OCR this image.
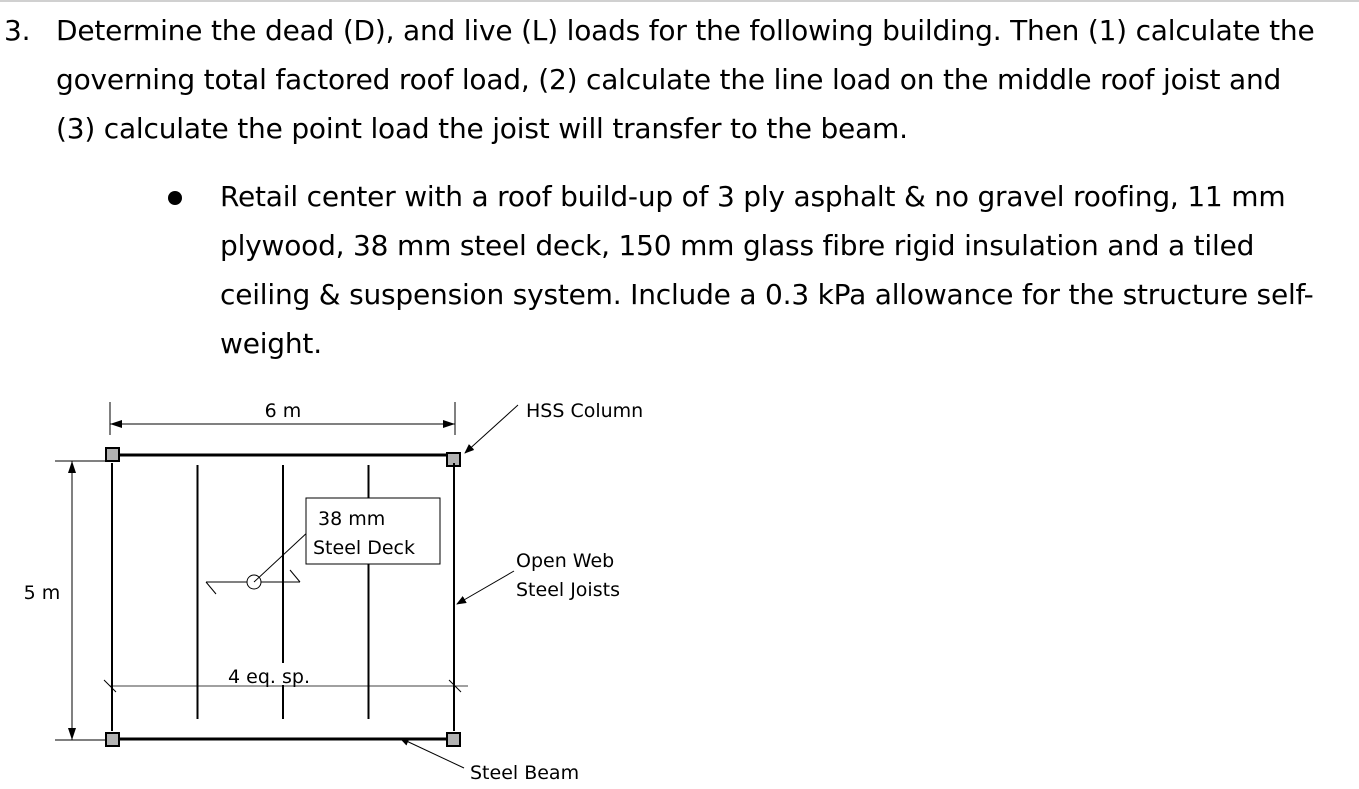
3. Determine the dead (D), and live (L) loads for the following building. Then (1) calculate the
governing total factored roof load, (2) calculate the line load on the middle roof joist and
(3) calculate the point load the joist will transfer to the beam.
Retail center with a roof build-up of 3 ply asphalt & no gravel roofing, 11 mm
plywood, 38 mm steel deck, 150 mm glass fibre rigid insulation and a tiled
ceiling & suspension system. Include a 0.3 kPa allowance for the structure self-
weight.
6 m
5 m
4 eq. sp.
38 mm
Steel Deck
HSS Column
Open Web
Steel Joists
Steel Beam
